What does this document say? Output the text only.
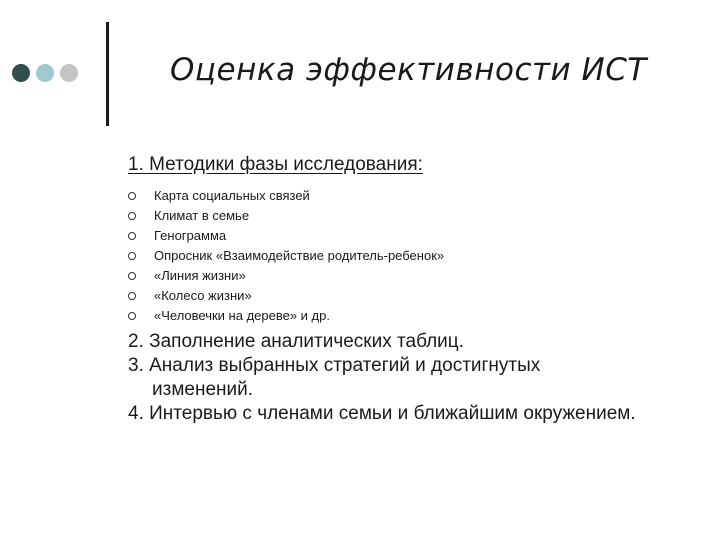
Оценка эффективности ИСТ

1. Методики фазы исследования:

Карта социальных связей
Климат в семье
Генограмма
Опросник «Взаимодействие родитель-ребенок»
«Линия жизни»
«Колесо жизни»
«Человечки на дереве» и др.

2. Заполнение аналитических таблиц.

3. Анализ выбранных стратегий и достигнутых
изменений.

4. Интервью с членами семьи и ближайшим окружением.
